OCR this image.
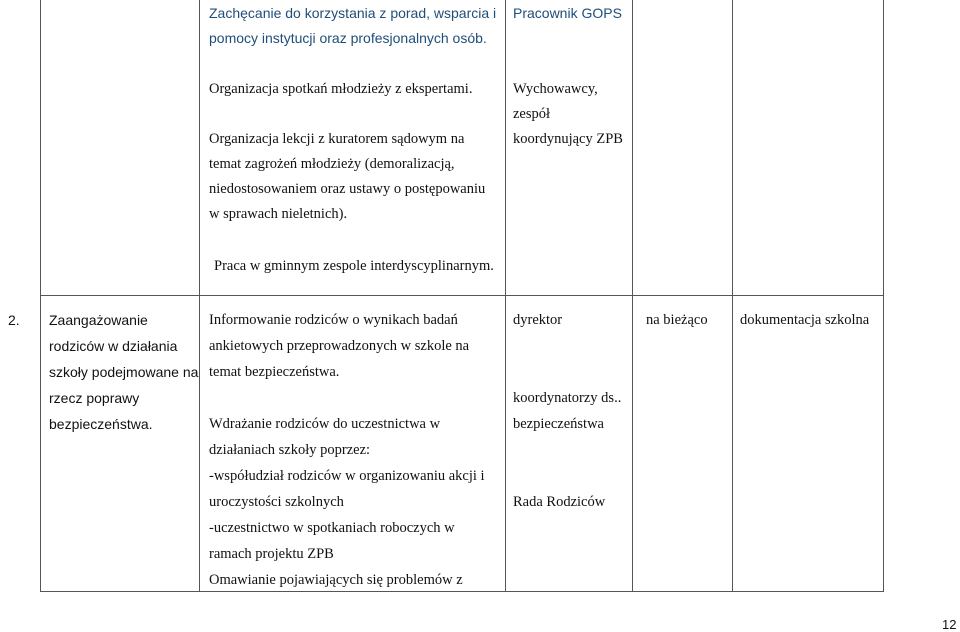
Zachęcanie do korzystania z porad, wsparcia i
pomocy instytucji oraz profesjonalnych osób.
Pracownik GOPS
Organizacja spotkań młodzieży z ekspertami.
Organizacja lekcji z kuratorem sądowym na
temat zagrożeń młodzieży (demoralizacją,
niedostosowaniem oraz ustawy o postępowaniu
w sprawach nieletnich).
Wychowawcy,
zespół
koordynujący ZPB
Praca w gminnym zespole interdyscyplinarnym.
2. Zaangażowanie
rodziców w działania
szkoły podejmowane na
rzecz poprawy
bezpieczeństwa.
Informowanie rodziców o wynikach badań
ankietowych przeprowadzonych w szkole na
temat bezpieczeństwa.
Wdrażanie rodziców do uczestnictwa w
działaniach szkoły poprzez:
-współudział rodziców w organizowaniu akcji i
uroczystości szkolnych
-uczestnictwo w spotkaniach roboczych w
ramach projektu ZPB
Omawianie pojawiających się problemów z
dyrektor
koordynatorzy ds..
bezpieczeństwa
Rada Rodziców
na bieżąco dokumentacja szkolna
12
